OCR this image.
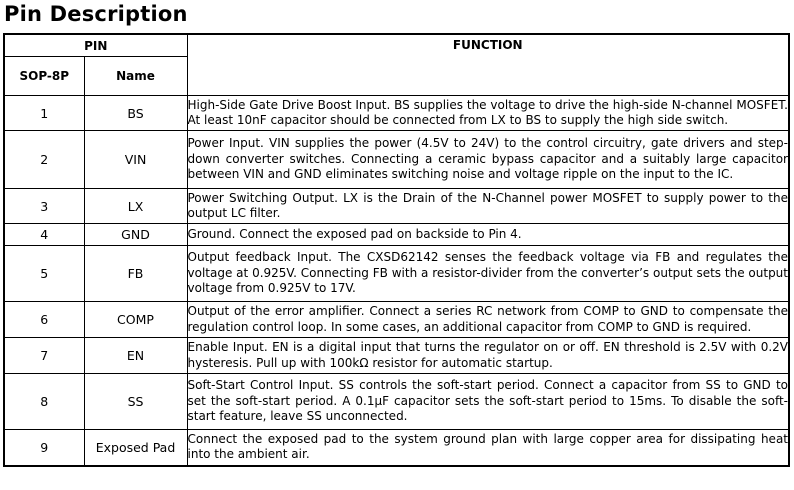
Pin Description
PIN		FUNCTION
SOP-8P	Name	
1	BS	High-Side Gate Drive Boost Input. BS supplies the voltage to drive the high-side N-channel MOSFET. At least 10nF capacitor should be connected from LX to BS to supply the high side switch.
2	VIN	Power Input. VIN supplies the power (4.5V to 24V) to the control circuitry, gate drivers and step-down converter switches. Connecting a ceramic bypass capacitor and a suitably large capacitor between VIN and GND eliminates switching noise and voltage ripple on the input to the IC.
3	LX	Power Switching Output. LX is the Drain of the N-Channel power MOSFET to supply power to the output LC filter.
4	GND	Ground. Connect the exposed pad on backside to Pin 4.
5	FB	Output feedback Input. The CXSD62142 senses the feedback voltage via FB and regulates the voltage at 0.925V. Connecting FB with a resistor-divider from the converter’s output sets the output voltage from 0.925V to 17V.
6	COMP	Output of the error amplifier. Connect a series RC network from COMP to GND to compensate the regulation control loop. In some cases, an additional capacitor from COMP to GND is required.
7	EN	Enable Input. EN is a digital input that turns the regulator on or off. EN threshold is 2.5V with 0.2V hysteresis. Pull up with 100kΩ resistor for automatic startup.
8	SS	Soft-Start Control Input. SS controls the soft-start period. Connect a capacitor from SS to GND to set the soft-start period. A 0.1μF capacitor sets the soft-start period to 15ms. To disable the soft-start feature, leave SS unconnected.
9	Exposed Pad	Connect the exposed pad to the system ground plan with large copper area for dissipating heat into the ambient air.
